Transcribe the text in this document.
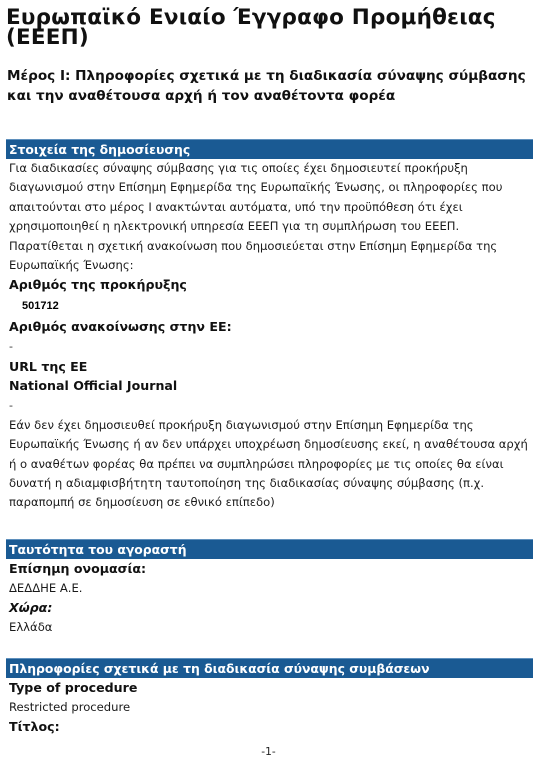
Ευρωπαϊκό Ενιαίο Έγγραφο Προμήθειας (ΕΕΕΠ)
Μέρος Ι: Πληροφορίες σχετικά με τη διαδικασία σύναψης σύμβασης και την αναθέτουσα αρχή ή τον αναθέτοντα φορέα
Στοιχεία της δημοσίευσης
Για διαδικασίες σύναψης σύμβασης για τις οποίες έχει δημοσιευτεί προκήρυξη διαγωνισμού στην Επίσημη Εφημερίδα της Ευρωπαϊκής Ένωσης, οι πληροφορίες που απαιτούνται στο μέρος Ι ανακτώνται αυτόματα, υπό την προϋπόθεση ότι έχει χρησιμοποιηθεί η ηλεκτρονική υπηρεσία ΕΕΕΠ για τη συμπλήρωση του ΕΕΕΠ. Παρατίθεται η σχετική ανακοίνωση που δημοσιεύεται στην Επίσημη Εφημερίδα της Ευρωπαϊκής Ένωσης:
Αριθμός της προκήρυξης
501712
Αριθμός ανακοίνωσης στην ΕΕ:
-
URL της ΕΕ
National Official Journal
-
Εάν δεν έχει δημοσιευθεί προκήρυξη διαγωνισμού στην Επίσημη Εφημερίδα της Ευρωπαϊκής Ένωσης ή αν δεν υπάρχει υποχρέωση δημοσίευσης εκεί, η αναθέτουσα αρχή ή ο αναθέτων φορέας θα πρέπει να συμπληρώσει πληροφορίες με τις οποίες θα είναι δυνατή η αδιαμφισβήτητη ταυτοποίηση της διαδικασίας σύναψης σύμβασης (π.χ. παραπομπή σε δημοσίευση σε εθνικό επίπεδο)
Ταυτότητα του αγοραστή
Επίσημη ονομασία:
ΔΕΔΔΗΕ Α.Ε.
Χώρα:
Ελλάδα
Πληροφορίες σχετικά με τη διαδικασία σύναψης συμβάσεων
Type of procedure
Restricted procedure
Τίτλος:
-1-
